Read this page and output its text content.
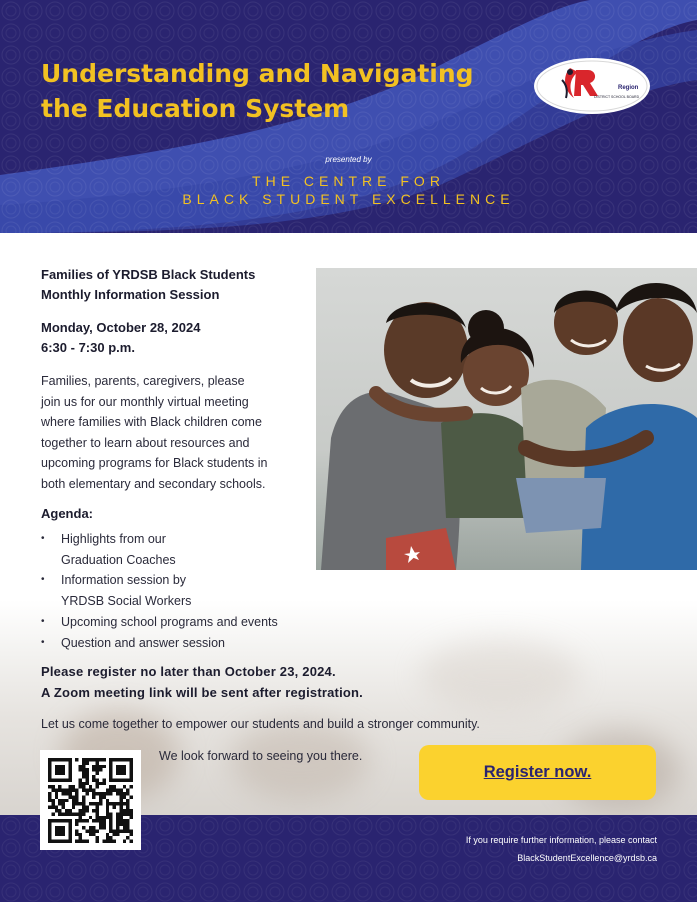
Understanding and Navigating
the Education System
Region
DISTRICT SCHOOL BOARD
presented by
THE CENTRE FOR
BLACK STUDENT EXCELLENCE
Families of YRDSB Black Students
Monthly Information Session
Monday, October 28, 2024
6:30 - 7:30 p.m.
Families, parents, caregivers, please
join us for our monthly virtual meeting
where families with Black children come
together to learn about resources and
upcoming programs for Black students in
both elementary and secondary schools.
Agenda:
• Highlights from our
Graduation Coaches
• Information session by
YRDSB Social Workers
• Upcoming school programs and events
• Question and answer session
Please register no later than October 23, 2024.
A Zoom meeting link will be sent after registration.
Let us come together to empower our students and build a stronger community.
We look forward to seeing you there.
If you require further information, please contact
BlackStudentExcellence@yrdsb.ca
Register now.
